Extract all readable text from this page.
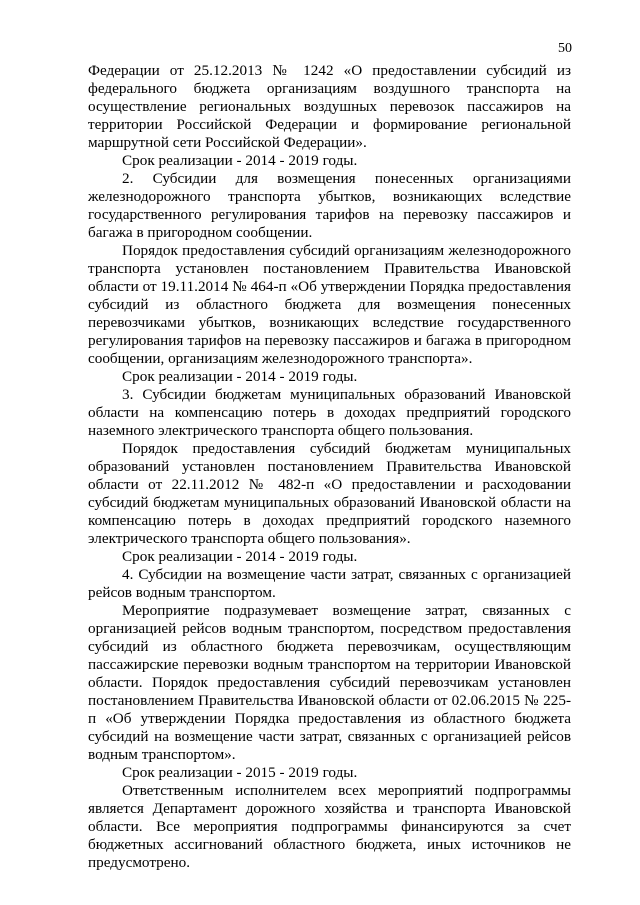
50

Федерации от 25.12.2013 № 1242 «О предоставлении субсидий из федерального бюджета организациям воздушного транспорта на осуществление региональных воздушных перевозок пассажиров на территории Российской Федерации и формирование региональной маршрутной сети Российской Федерации».

Срок реализации - 2014 - 2019 годы.

2. Субсидии для возмещения понесенных организациями железнодорожного транспорта убытков, возникающих вследствие государственного регулирования тарифов на перевозку пассажиров и багажа в пригородном сообщении.

Порядок предоставления субсидий организациям железнодорожного транспорта установлен постановлением Правительства Ивановской области от 19.11.2014 № 464-п «Об утверждении Порядка предоставления субсидий из областного бюджета для возмещения понесенных перевозчиками убытков, возникающих вследствие государственного регулирования тарифов на перевозку пассажиров и багажа в пригородном сообщении, организациям железнодорожного транспорта».

Срок реализации - 2014 - 2019 годы.

3. Субсидии бюджетам муниципальных образований Ивановской области на компенсацию потерь в доходах предприятий городского наземного электрического транспорта общего пользования.

Порядок предоставления субсидий бюджетам муниципальных образований установлен постановлением Правительства Ивановской области от 22.11.2012 № 482-п «О предоставлении и расходовании субсидий бюджетам муниципальных образований Ивановской области на компенсацию потерь в доходах предприятий городского наземного электрического транспорта общего пользования».

Срок реализации - 2014 - 2019 годы.

4. Субсидии на возмещение части затрат, связанных с организацией рейсов водным транспортом.

Мероприятие подразумевает возмещение затрат, связанных с организацией рейсов водным транспортом, посредством предоставления субсидий из областного бюджета перевозчикам, осуществляющим пассажирские перевозки водным транспортом на территории Ивановской области. Порядок предоставления субсидий перевозчикам установлен постановлением Правительства Ивановской области от 02.06.2015 № 225-п «Об утверждении Порядка предоставления из областного бюджета субсидий на возмещение части затрат, связанных с организацией рейсов водным транспортом».

Срок реализации - 2015 - 2019 годы.

Ответственным исполнителем всех мероприятий подпрограммы является Департамент дорожного хозяйства и транспорта Ивановской области. Все мероприятия подпрограммы финансируются за счет бюджетных ассигнований областного бюджета, иных источников не предусмотрено.
